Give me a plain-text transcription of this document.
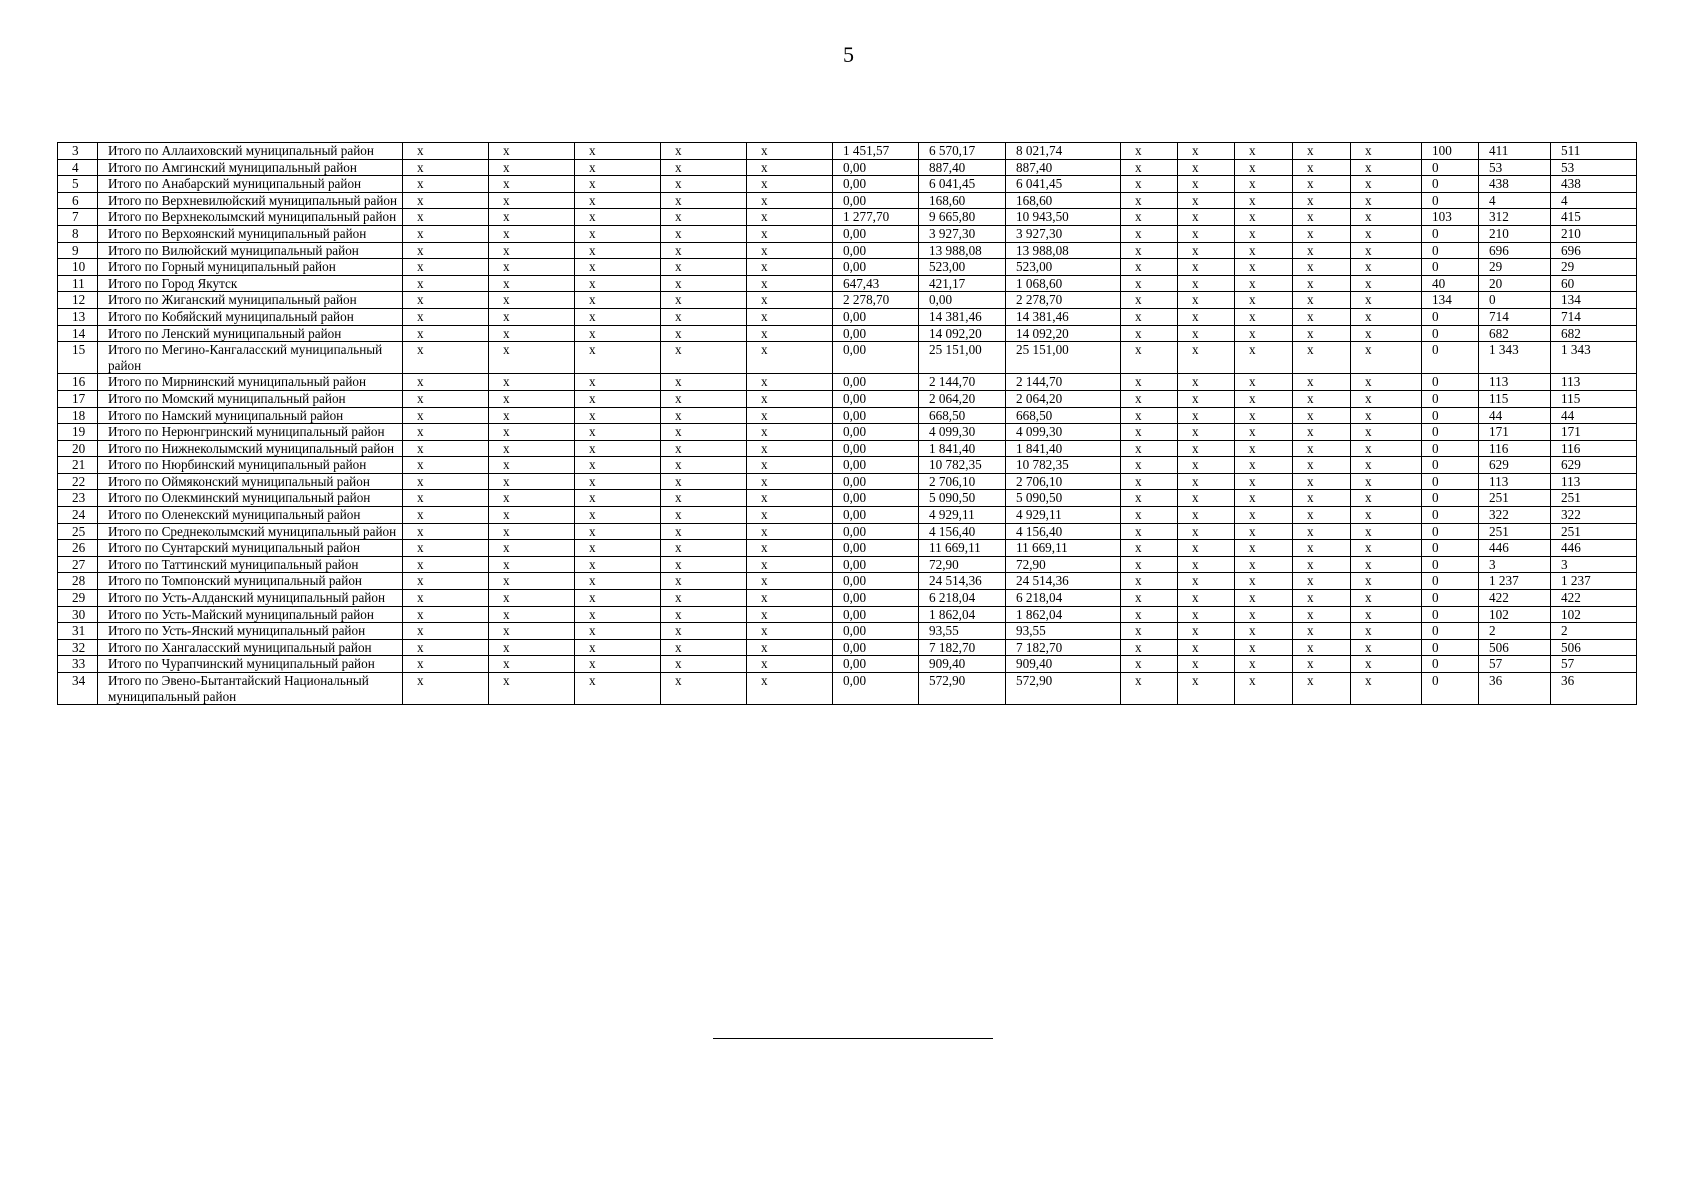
5
3	Итого по Аллаиховский муниципальный район	x	x	x	x	x	1 451,57	6 570,17	8 021,74	x	x	x	x	x	100	411	511
4	Итого по Амгинский муниципальный район	x	x	x	x	x	0,00	887,40	887,40	x	x	x	x	x	0	53	53
5	Итого по Анабарский муниципальный район	x	x	x	x	x	0,00	6 041,45	6 041,45	x	x	x	x	x	0	438	438
6	Итого по Верхневилюйский муниципальный район	x	x	x	x	x	0,00	168,60	168,60	x	x	x	x	x	0	4	4
7	Итого по Верхнеколымский муниципальный район	x	x	x	x	x	1 277,70	9 665,80	10 943,50	x	x	x	x	x	103	312	415
8	Итого по Верхоянский муниципальный район	x	x	x	x	x	0,00	3 927,30	3 927,30	x	x	x	x	x	0	210	210
9	Итого по Вилюйский муниципальный район	x	x	x	x	x	0,00	13 988,08	13 988,08	x	x	x	x	x	0	696	696
10	Итого по Горный муниципальный район	x	x	x	x	x	0,00	523,00	523,00	x	x	x	x	x	0	29	29
11	Итого по Город Якутск	x	x	x	x	x	647,43	421,17	1 068,60	x	x	x	x	x	40	20	60
12	Итого по Жиганский муниципальный район	x	x	x	x	x	2 278,70	0,00	2 278,70	x	x	x	x	x	134	0	134
13	Итого по Кобяйский муниципальный район	x	x	x	x	x	0,00	14 381,46	14 381,46	x	x	x	x	x	0	714	714
14	Итого по Ленский муниципальный район	x	x	x	x	x	0,00	14 092,20	14 092,20	x	x	x	x	x	0	682	682
15	Итого по Мегино-Кангаласский муниципальный район	x	x	x	x	x	0,00	25 151,00	25 151,00	x	x	x	x	x	0	1 343	1 343
16	Итого по Мирнинский муниципальный район	x	x	x	x	x	0,00	2 144,70	2 144,70	x	x	x	x	x	0	113	113
17	Итого по Момский муниципальный район	x	x	x	x	x	0,00	2 064,20	2 064,20	x	x	x	x	x	0	115	115
18	Итого по Намский муниципальный район	x	x	x	x	x	0,00	668,50	668,50	x	x	x	x	x	0	44	44
19	Итого по Нерюнгринский муниципальный район	x	x	x	x	x	0,00	4 099,30	4 099,30	x	x	x	x	x	0	171	171
20	Итого по Нижнеколымский муниципальный район	x	x	x	x	x	0,00	1 841,40	1 841,40	x	x	x	x	x	0	116	116
21	Итого по Нюрбинский муниципальный район	x	x	x	x	x	0,00	10 782,35	10 782,35	x	x	x	x	x	0	629	629
22	Итого по Оймяконский муниципальный район	x	x	x	x	x	0,00	2 706,10	2 706,10	x	x	x	x	x	0	113	113
23	Итого по Олекминский муниципальный район	x	x	x	x	x	0,00	5 090,50	5 090,50	x	x	x	x	x	0	251	251
24	Итого по Оленекский муниципальный район	x	x	x	x	x	0,00	4 929,11	4 929,11	x	x	x	x	x	0	322	322
25	Итого по Среднеколымский муниципальный район	x	x	x	x	x	0,00	4 156,40	4 156,40	x	x	x	x	x	0	251	251
26	Итого по Сунтарский муниципальный район	x	x	x	x	x	0,00	11 669,11	11 669,11	x	x	x	x	x	0	446	446
27	Итого по Таттинский муниципальный район	x	x	x	x	x	0,00	72,90	72,90	x	x	x	x	x	0	3	3
28	Итого по Томпонский муниципальный район	x	x	x	x	x	0,00	24 514,36	24 514,36	x	x	x	x	x	0	1 237	1 237
29	Итого по Усть-Алданский муниципальный район	x	x	x	x	x	0,00	6 218,04	6 218,04	x	x	x	x	x	0	422	422
30	Итого по Усть-Майский муниципальный район	x	x	x	x	x	0,00	1 862,04	1 862,04	x	x	x	x	x	0	102	102
31	Итого по Усть-Янский муниципальный район	x	x	x	x	x	0,00	93,55	93,55	x	x	x	x	x	0	2	2
32	Итого по Хангаласский муниципальный район	x	x	x	x	x	0,00	7 182,70	7 182,70	x	x	x	x	x	0	506	506
33	Итого по Чурапчинский муниципальный район	x	x	x	x	x	0,00	909,40	909,40	x	x	x	x	x	0	57	57
34	Итого по Эвено-Бытантайский Национальный муниципальный район	x	x	x	x	x	0,00	572,90	572,90	x	x	x	x	x	0	36	36
